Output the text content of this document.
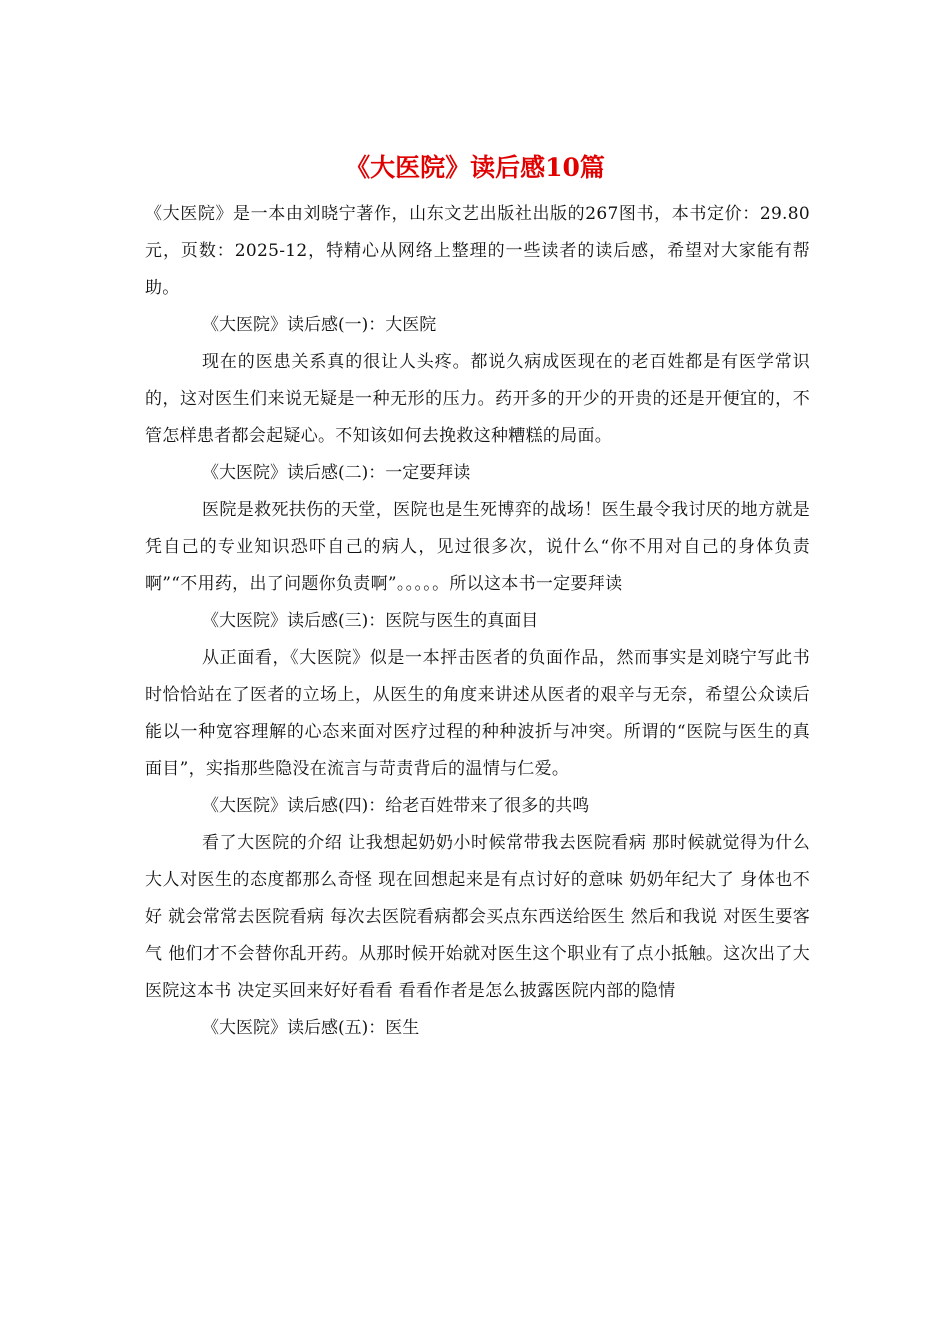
《大医院》读后感10篇

《大医院》是一本由刘晓宁著作，山东文艺出版社出版的267图书，本书定价：29.80元，页数：2025-12，特精心从网络上整理的一些读者的读后感，希望对大家能有帮助。

《大医院》读后感(一)：大医院

现在的医患关系真的很让人头疼。都说久病成医现在的老百姓都是有医学常识的，这对医生们来说无疑是一种无形的压力。药开多的开少的开贵的还是开便宜的，不管怎样患者都会起疑心。不知该如何去挽救这种糟糕的局面。

《大医院》读后感(二)：一定要拜读

医院是救死扶伤的天堂，医院也是生死博弈的战场！医生最令我讨厌的地方就是凭自己的专业知识恐吓自己的病人，见过很多次，说什么“你不用对自己的身体负责啊”“不用药，出了问题你负责啊”。。。。。所以这本书一定要拜读

《大医院》读后感(三)：医院与医生的真面目

从正面看，《大医院》似是一本抨击医者的负面作品，然而事实是刘晓宁写此书时恰恰站在了医者的立场上，从医生的角度来讲述从医者的艰辛与无奈，希望公众读后能以一种宽容理解的心态来面对医疗过程的种种波折与冲突。所谓的“医院与医生的真面目”，实指那些隐没在流言与苛责背后的温情与仁爱。

《大医院》读后感(四)：给老百姓带来了很多的共鸣

看了大医院的介绍 让我想起奶奶小时候常带我去医院看病 那时候就觉得为什么大人对医生的态度都那么奇怪 现在回想起来是有点讨好的意味 奶奶年纪大了 身体也不好 就会常常去医院看病 每次去医院看病都会买点东西送给医生 然后和我说 对医生要客气 他们才不会替你乱开药。从那时候开始就对医生这个职业有了点小抵触。这次出了大医院这本书 决定买回来好好看看 看看作者是怎么披露医院内部的隐情

《大医院》读后感(五)：医生
